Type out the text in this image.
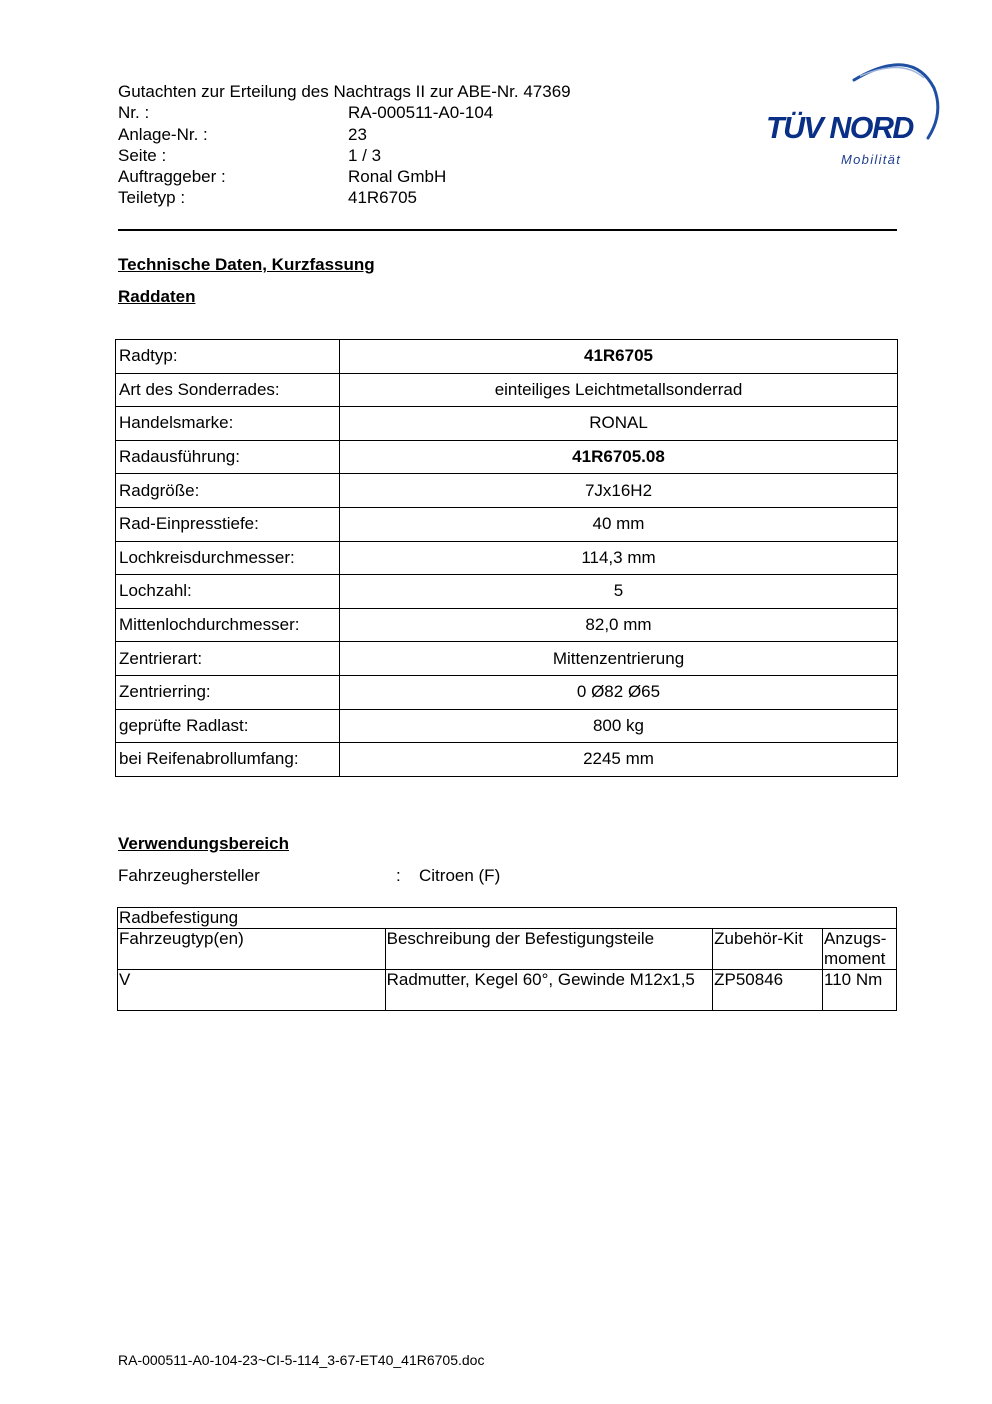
Gutachten zur Erteilung des Nachtrags II zur ABE-Nr. 47369
Nr. :	RA-000511-A0-104
Anlage-Nr. :	23
Seite :	1 / 3
Auftraggeber :	Ronal GmbH
Teiletyp :	41R6705
TÜV NORD
Mobilität
Technische Daten, Kurzfassung
Raddaten
Radtyp:	41R6705
Art des Sonderrades:	einteiliges Leichtmetallsonderrad
Handelsmarke:	RONAL
Radausführung:	41R6705.08
Radgröße:	7Jx16H2
Rad-Einpresstiefe:	40 mm
Lochkreisdurchmesser:	114,3 mm
Lochzahl:	5
Mittenlochdurchmesser:	82,0 mm
Zentrierart:	Mittenzentrierung
Zentrierring:	0 Ø82 Ø65
geprüfte Radlast:	800 kg
bei Reifenabrollumfang:	2245 mm
Verwendungsbereich
Fahrzeughersteller	:	Citroen (F)
Radbefestigung			
Fahrzeugtyp(en)	Beschreibung der Befestigungsteile	Zubehör-Kit	Anzugs-
moment
V	Radmutter, Kegel 60°, Gewinde M12x1,5	ZP50846	110 Nm
RA-000511-A0-104-23~CI-5-114_3-67-ET40_41R6705.doc
